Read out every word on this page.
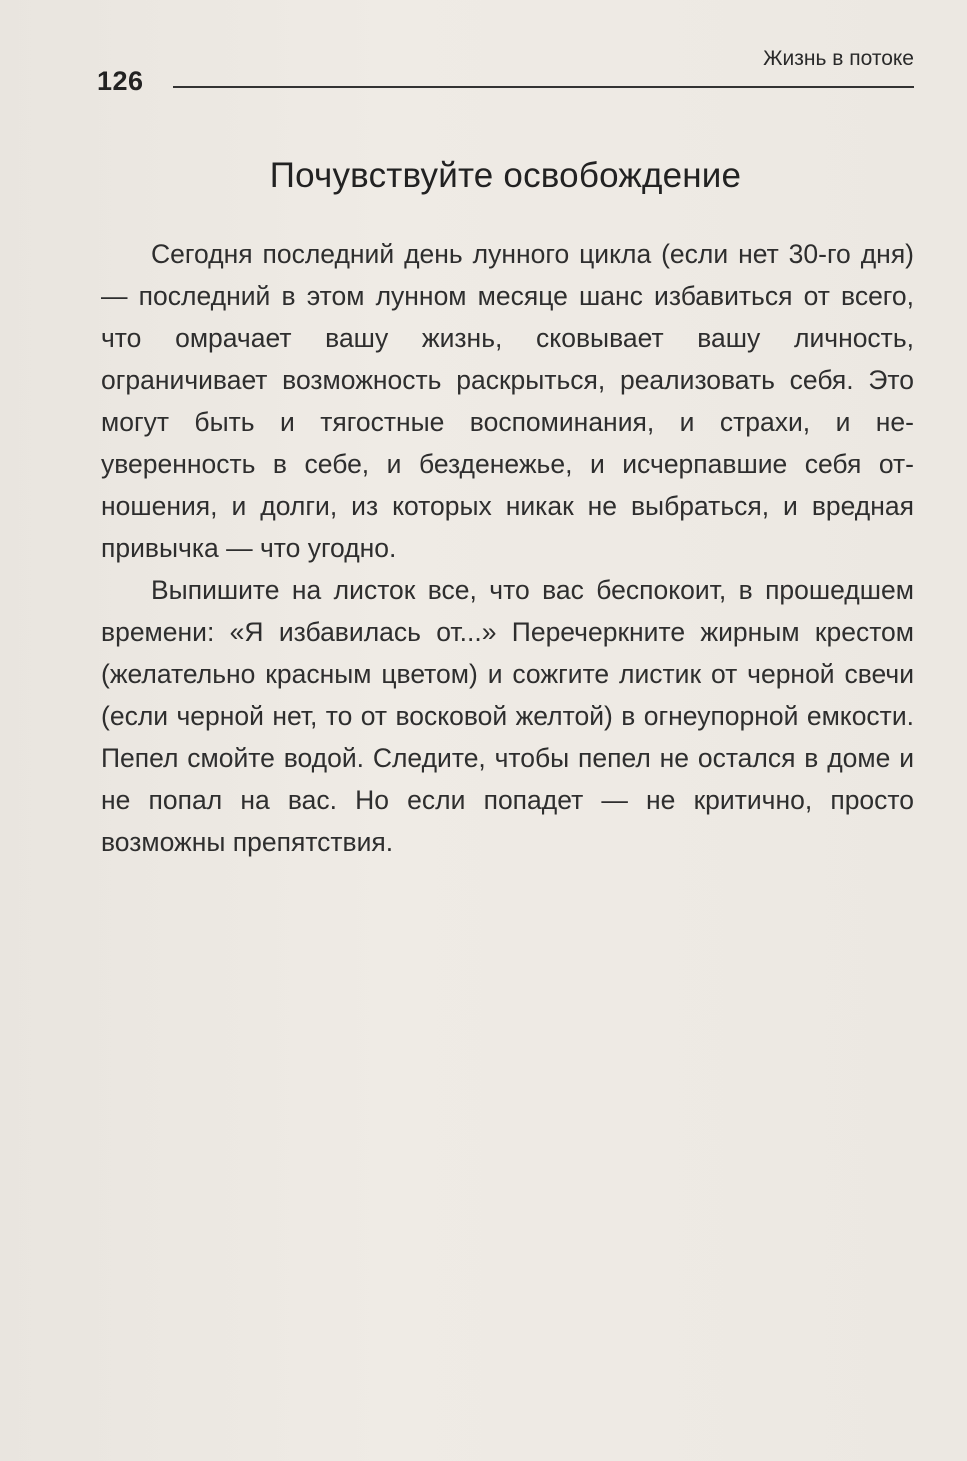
126
Жизнь в потоке
Почувствуйте освобождение

Сегодня последний день лунного цикла (если нет 30-го дня) — последний в этом лунном месяце шанс избавиться от всего, что омрачает вашу жизнь, сковывает вашу личность, ограничивает возможность раскрыться, реализовать себя. Это могут быть и тягостные воспоминания, и страхи, и неуверенность в себе, и безденежье, и исчерпавшие себя отношения, и долги, из которых никак не выбраться, и вредная привычка — что угодно.

Выпишите на листок все, что вас беспокоит, в прошедшем времени: «Я избавилась от...» Перечеркните жирным крестом (желательно красным цветом) и сожгите листик от черной свечи (если черной нет, то от восковой желтой) в огнеупорной емкости. Пепел смойте водой. Следите, чтобы пепел не остался в доме и не попал на вас. Но если попадет — не критично, просто возможны препятствия.
